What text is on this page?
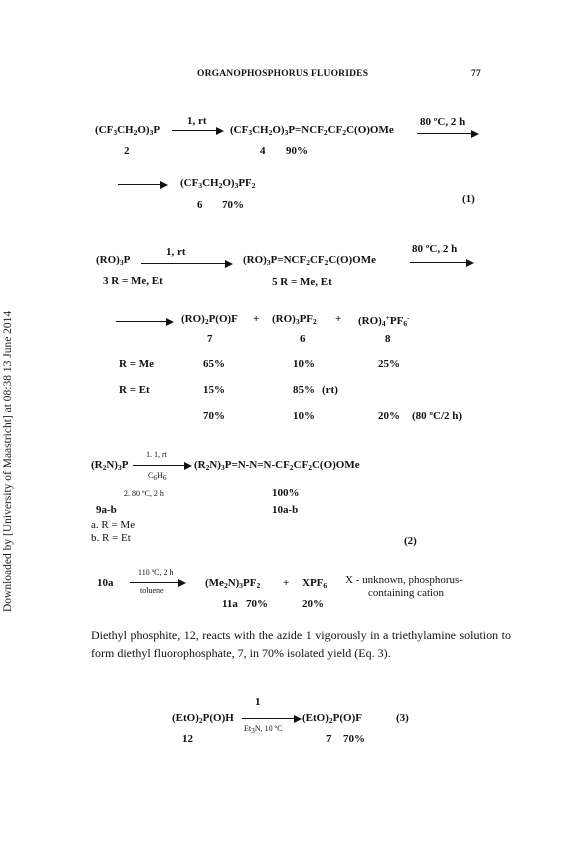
Downloaded by [University of Maastricht] at 08:38 13 June 2014
ORGANOPHOSPHORUS FLUORIDES	77
$(CF_3CH_2O)_3P$
2
1, rt
→ $(CF_3CH_2O)_3P=NCF_2CF_2C(O)OMe$
4 90%
80 ºC, 2 h
→ $(CF_3CH_2O)_3PF_2$
6 70%	(1)
$(RO)_3P$
1, rt
$(RO)_3P=NCF_2CF_2C(O)OMe$
80 ºC, 2 h
3 R = Me, Et	5 R = Me, Et
→ $(RO)_2P(O)F + (RO)_3PF_2 + (RO)_4^+PF_6^-$
7	6	8
R = Me	65%	10%	25%
R = Et	15%	85% (rt)
70%	10%	20% (80 ºC/2 h)
$(R_2N)_3P$
1. 1, rt
C6H6
$(R_2N)_3P=N-N=N-CF_2CF_2C(O)OMe$
2. 80 ºC, 2 h	100%
9a-b	10a-b
a. R = Me
b. R = Et	(2)
10a
110 ºC, 2 h
toluene
$(Me_2N)_3PF_2 + XPF_6$ X - unknown, phosphorus-
containing cation
11a 70%	20%
Diethyl phosphite, 12, reacts with the azide 1 vigorously in a triethylamine solution to form diethyl fluorophosphate, 7, in 70% isolated yield (Eq. 3).
1
$(EtO)_2P(O)H \to (EtO)_2P(O)F$	(3)
Et3N, 10 ºC
12	7 70%
